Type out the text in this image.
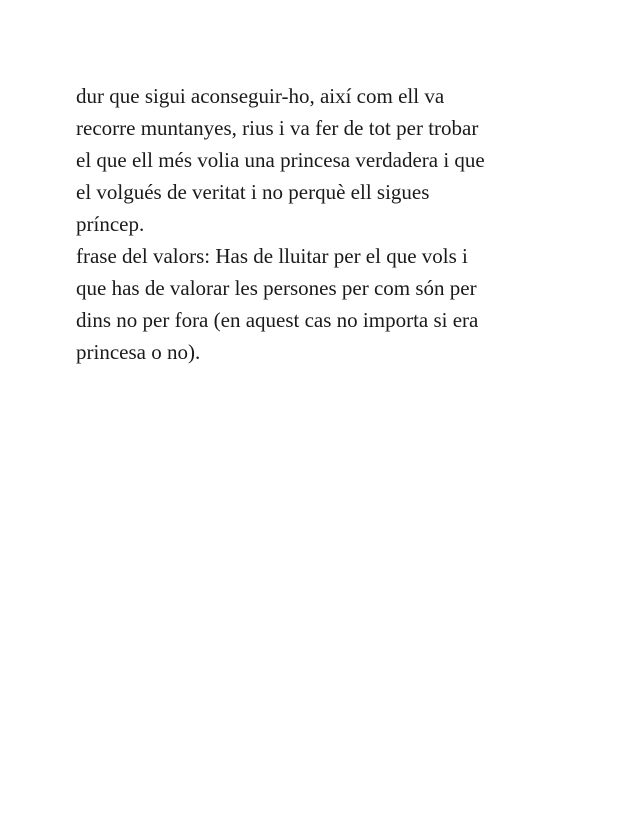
dur que sigui aconseguir-ho, així com ell va
recorre muntanyes, rius i va fer de tot per trobar
el que ell més volia una princesa verdadera i que
el volgués de veritat i no perquè ell sigues
príncep.
frase del valors: Has de lluitar per el que vols i
que has de valorar les persones per com són per
dins no per fora (en aquest cas no importa si era
princesa o no).
